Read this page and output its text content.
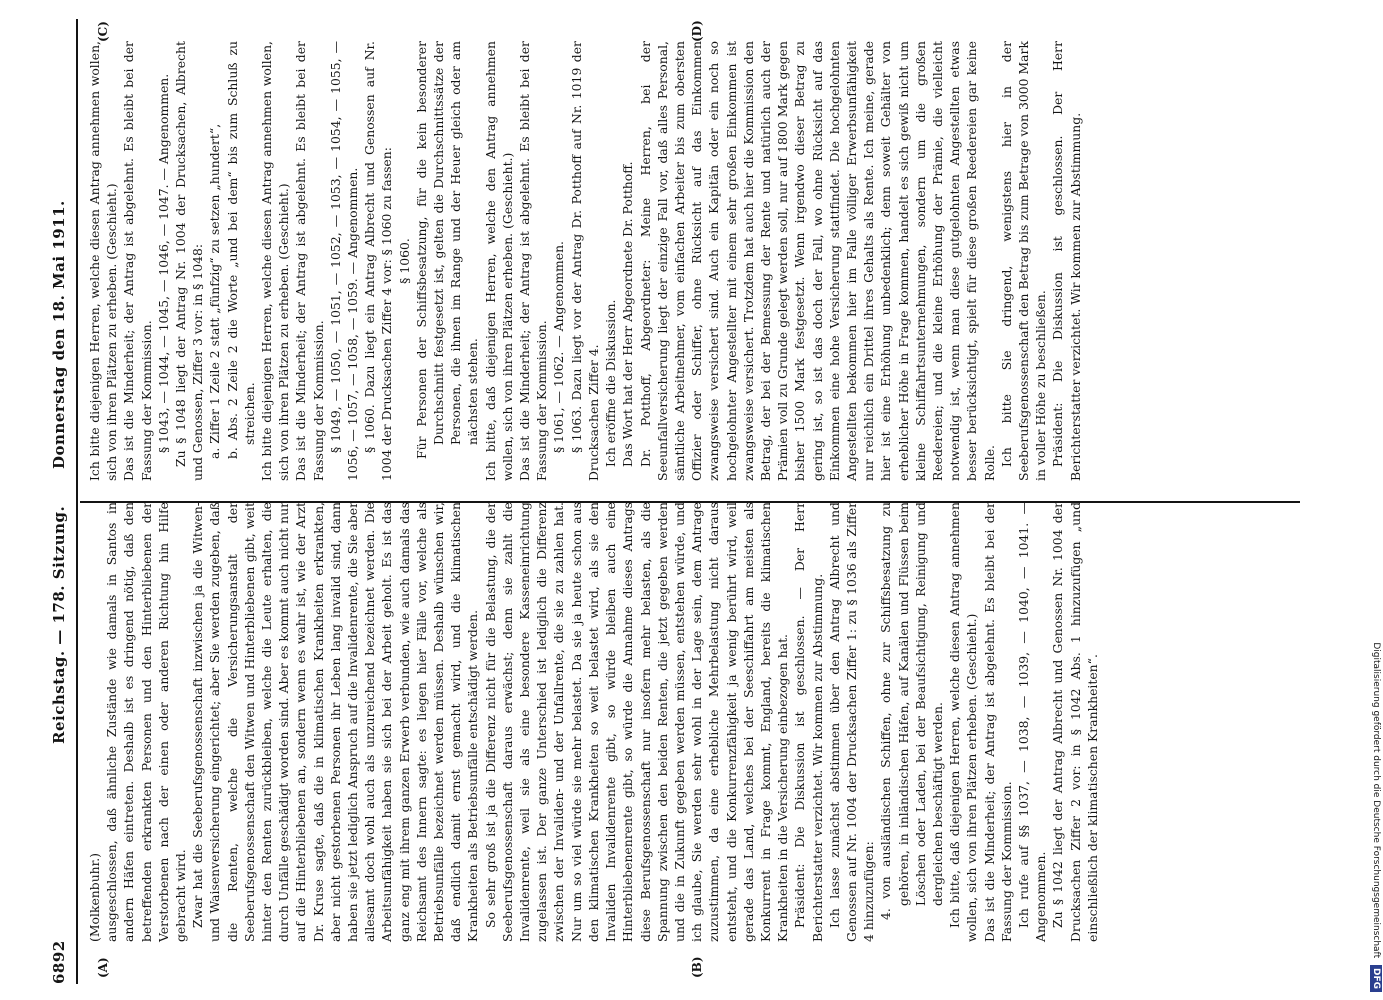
6892
Reichstag. — 178. Sitzung.
Donnerstag den 18. Mai 1911.
(A)	(B)
(C)	(D)

(Molkenbuhr.) ausgeschlossen, daß ähnliche Zustände wie damals in Santos in andern Häfen eintreten. Deshalb ist es dringend nötig, daß den betreffenden erkrankten Personen und den Hinterbliebenen der Verstorbenen nach der einen oder anderen Richtung hin Hilfe gebracht wird. Zwar hat die Seeberufsgenossenschaft inzwischen ja die Witwen- und Waisenversicherung eingerichtet; aber Sie werden zugeben, daß die Renten, welche die Versicherungsanstalt der Seeberufsgenossenschaft den Witwen und Hinterbliebenen gibt, weit hinter den Renten zurückbleiben, welche die Leute erhalten, die durch Unfälle geschädigt worden sind. Aber es kommt auch nicht nur auf die Hinterbliebenen an, sondern wenn es wahr ist, wie der Arzt Dr. Kruse sagte, daß die in klimatischen Krankheiten erkrankten, aber nicht gestorbenen Personen ihr Leben lang invalid sind, dann haben sie jetzt lediglich Anspruch auf die Invalidenrente, die Sie aber allesamt doch wohl auch als unzureichend bezeichnet werden. Die Arbeitsunfähigkeit haben sie sich bei der Arbeit geholt. Es ist das ganz eng mit ihrem ganzen Erwerb verbunden, wie auch damals das Reichsamt des Innern sagte: es liegen hier Fälle vor, welche als Betriebsunfälle bezeichnet werden müssen. Deshalb wünschen wir, daß endlich damit ernst gemacht wird, und die klimatischen Krankheiten als Betriebsunfälle entschädigt werden. So sehr groß ist ja die Differenz nicht für die Belastung, die der Seeberufsgenossenschaft daraus erwächst; denn sie zahlt die Invalidenrente, weil sie als eine besondere Kasseneinrichtung zugelassen ist. Der ganze Unterschied ist lediglich die Differenz zwischen der Invaliden- und der Unfallrente, die sie zu zahlen hat. Nur um so viel würde sie mehr belastet. Da sie ja heute schon aus den klimatischen Krankheiten so weit belastet wird, als sie den Invaliden Invalidenrente gibt, so würde bleiben auch eine Hinterbliebenenrente gibt, so würde die Annahme dieses Antrags diese Berufsgenossenschaft nur insofern mehr belasten, als die Spannung zwischen den beiden Renten, die jetzt gegeben werden und die in Zukunft gegeben werden müssen, entstehen würde, und ich glaube, Sie werden sehr wohl in der Lage sein, dem Antrage zuzustimmen, da eine erhebliche Mehrbelastung nicht daraus entsteht, und die Konkurrenzfähigkeit ja wenig berührt wird, weil gerade das Land, welches bei der Seeschiffahrt am meisten als Konkurrent in Frage kommt, England, bereits die klimatischen Krankheiten in die Versicherung einbezogen hat. Präsident: Die Diskussion ist geschlossen. — Der Herr Berichterstatter verzichtet. Wir kommen zur Abstimmung. Ich lasse zunächst abstimmen über den Antrag Albrecht und Genossen auf Nr. 1004 der Drucksachen Ziffer 1: zu § 1036 als Ziffer 4 hinzuzufügen: 4. von ausländischen Schiffen, ohne zur Schiffsbesatzung zu gehören, in inländischen Häfen, auf Kanälen und Flüssen beim Löschen oder Laden, bei der Beaufsichtigung, Reinigung und dergleichen beschäftigt werden. Ich bitte, daß diejenigen Herren, welche diesen Antrag annehmen wollen, sich von ihren Plätzen erheben. (Geschieht.) Das ist die Minderheit; der Antrag ist abgelehnt. Es bleibt bei der Fassung der Kommission. Ich rufe auf §§ 1037, — 1038, — 1039, — 1040, — 1041. — Angenommen. Zu § 1042 liegt der Antrag Albrecht und Genossen Nr. 1004 der Drucksachen Ziffer 2 vor: in § 1042 Abs. 1 hinzuzufügen „und einschließlich der klimatischen Krankheiten“.

Ich bitte diejenigen Herren, welche diesen Antrag annehmen wollen, sich von ihren Plätzen zu erheben. (Geschieht.) Das ist die Minderheit; der Antrag ist abgelehnt. Es bleibt bei der Fassung der Kommission. § 1043, — 1044, — 1045, — 1046, — 1047. — Angenommen. Zu § 1048 liegt der Antrag Nr. 1004 der Drucksachen, Albrecht und Genossen, Ziffer 3 vor: in § 1048: a. Ziffer 1 Zeile 2 statt „fünfzig“ zu setzen „hundert“, b. Abs. 2 Zeile 2 die Worte „und bei dem“ bis zum Schluß zu streichen. Ich bitte diejenigen Herren, welche diesen Antrag annehmen wollen, sich von ihren Plätzen zu erheben. (Geschieht.) Das ist die Minderheit; der Antrag ist abgelehnt. Es bleibt bei der Fassung der Kommission. § 1049, — 1050, — 1051, — 1052, — 1053, — 1054, — 1055, — 1056, — 1057, — 1058, — 1059. — Angenommen. § 1060. Dazu liegt ein Antrag Albrecht und Genossen auf Nr. 1004 der Drucksachen Ziffer 4 vor: § 1060 zu fassen: § 1060. Für Personen der Schiffsbesatzung, für die kein besonderer Durchschnitt festgesetzt ist, gelten die Durchschnittssätze der Personen, die ihnen im Range und der Heuer gleich oder am nächsten stehen. Ich bitte, daß diejenigen Herren, welche den Antrag annehmen wollen, sich von ihren Plätzen erheben. (Geschieht.) Das ist die Minderheit; der Antrag ist abgelehnt. Es bleibt bei der Fassung der Kommission. § 1061, — 1062. — Angenommen. § 1063. Dazu liegt vor der Antrag Dr. Potthoff auf Nr. 1019 der Drucksachen Ziffer 4. Ich eröffne die Diskussion. Das Wort hat der Herr Abgeordnete Dr. Potthoff. Dr. Potthoff, Abgeordneter: Meine Herren, bei der Seeunfallversicherung liegt der einzige Fall vor, daß alles Personal, sämtliche Arbeitnehmer, vom einfachen Arbeiter bis zum obersten Offizier oder Schiffer, ohne Rücksicht auf das Einkommen zwangsweise versichert sind. Auch ein Kapitän oder ein noch so hochgelohnter Angestellter mit einem sehr großen Einkommen ist zwangsweise versichert. Trotzdem hat auch hier die Kommission den Betrag, der bei der Bemessung der Rente und natürlich auch der Prämien voll zu Grunde gelegt werden soll, nur auf 1800 Mark gegen bisher 1500 Mark festgesetzt. Wenn irgendwo dieser Betrag zu gering ist, so ist das doch der Fall, wo ohne Rücksicht auf das Einkommen eine hohe Versicherung stattfindet. Die hochgelohnten Angestellten bekommen hier im Falle völliger Erwerbsunfähigkeit nur reichlich ein Drittel ihres Gehalts als Rente. Ich meine, gerade hier ist eine Erhöhung unbedenklich; denn soweit Gehälter von erheblicher Höhe in Frage kommen, handelt es sich gewiß nicht um kleine Schiffahrtsunternehmungen, sondern um die großen Reedereien; und die kleine Erhöhung der Prämie, die vielleicht notwendig ist, wenn man diese gutgelohnten Angestellten etwas besser berücksichtigt, spielt für diese großen Reedereien gar keine Rolle. Ich bitte Sie dringend, wenigstens hier in der Seeberufsgenossenschaft den Betrag bis zum Betrage von 3000 Mark in voller Höhe zu beschließen. Präsident: Die Diskussion ist geschlossen. Der Herr Berichterstatter verzichtet. Wir kommen zur Abstimmung.

Digitalisierung gefördert durch die Deutsche Forschungsgemeinschaft DFG
